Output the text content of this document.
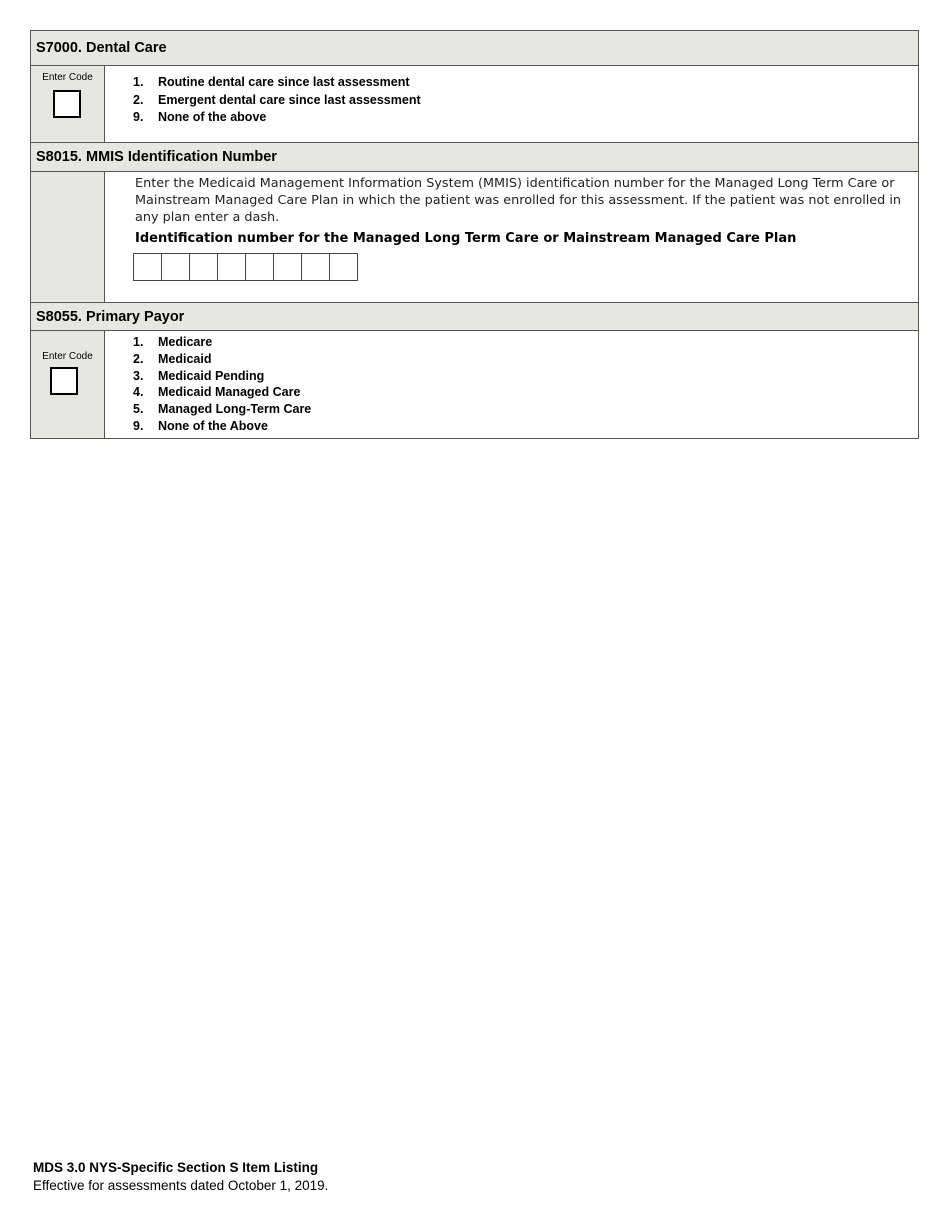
S7000. Dental Care
Enter Code	1.	Routine dental care since last assessment
2.	Emergent dental care since last assessment
9.	None of the above
S8015. MMIS Identification Number
Enter the Medicaid Management Information System (MMIS) identification number for the Managed Long Term Care or Mainstream Managed Care Plan in which the patient was enrolled for this assessment. If the patient was not enrolled in any plan enter a dash.
Identification number for the Managed Long Term Care or Mainstream Managed Care Plan
S8055. Primary Payor
Enter Code
1.	Medicare
2.	Medicaid
3.	Medicaid Pending
4.	Medicaid Managed Care
5.	Managed Long-Term Care
9.	None of the Above
MDS 3.0 NYS-Specific Section S Item Listing
Effective for assessments dated October 1, 2019.
